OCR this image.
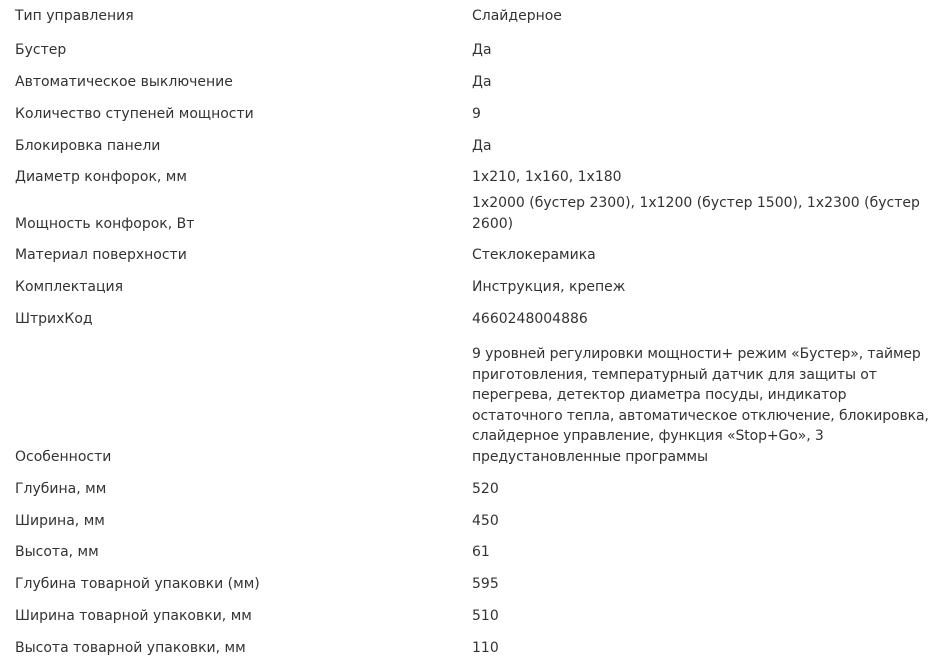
Тип управления	Слайдерное
Бустер	Да
Автоматическое выключение	Да
Количество ступеней мощности	9
Блокировка панели	Да
Диаметр конфорок, мм	1x210, 1x160, 1x180
Мощность конфорок, Вт	1x2000 (бустер 2300), 1x1200 (бустер 1500), 1x2300 (бустер 2600)
Материал поверхности	Стеклокерамика
Комплектация	Инструкция, крепеж
ШтрихКод	4660248004886
Особенности	9 уровней регулировки мощности+ режим «Бустер», таймер приготовления, температурный датчик для защиты от перегрева, детектор диаметра посуды, индикатор остаточного тепла, автоматическое отключение, блокировка, слайдерное управление, функция «Stop+Go», 3 предустановленные программы
Глубина, мм	520
Ширина, мм	450
Высота, мм	61
Глубина товарной упаковки (мм)	595
Ширина товарной упаковки, мм	510
Высота товарной упаковки, мм	110
